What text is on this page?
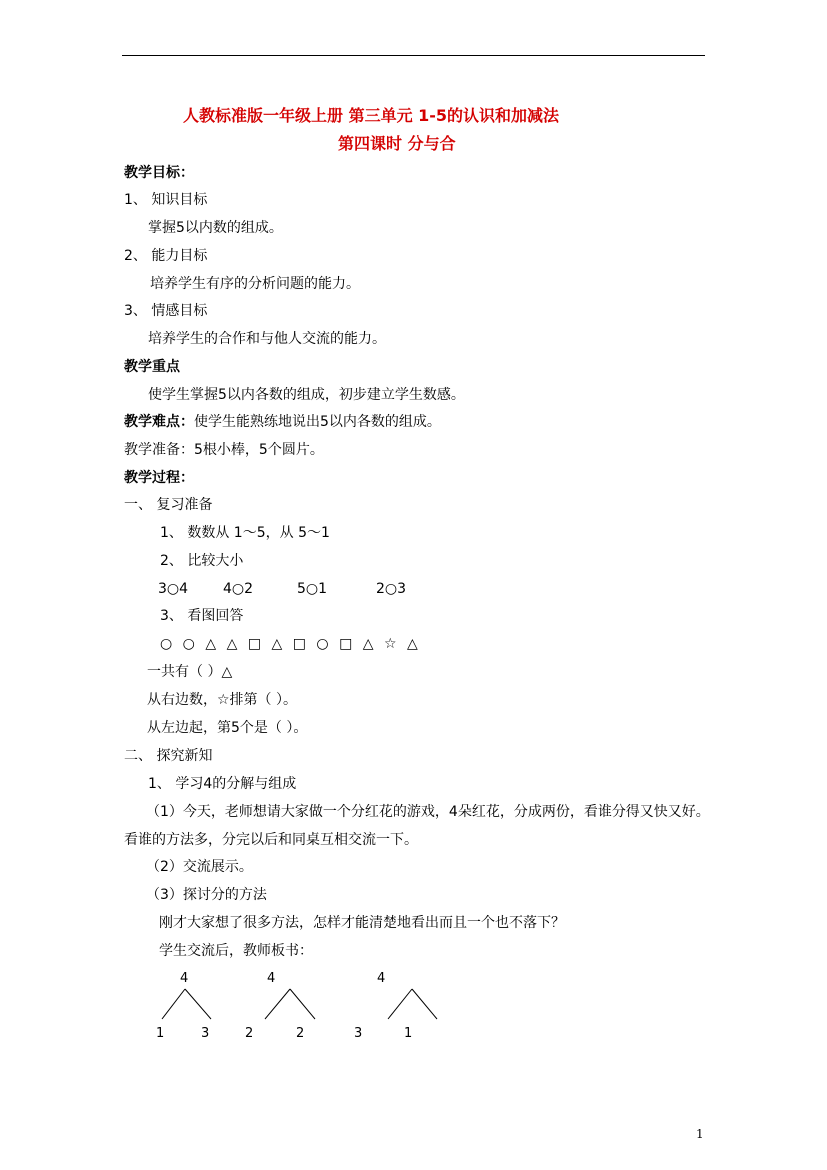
人教标准版一年级上册 第三单元 1-5的认识和加减法
第四课时 分与合
教学目标：
1、 知识目标
掌握5以内数的组成。
2、 能力目标
培养学生有序的分析问题的能力。
3、 情感目标
培养学生的合作和与他人交流的能力。
教学重点
使学生掌握5以内各数的组成，初步建立学生数感。
教学难点：使学生能熟练地说出5以内各数的组成。
教学准备：5根小棒，5个圆片。
教学过程：
一、 复习准备
1、 数数从 1～5，从 5～1
2、 比较大小
3○4 4○2	5○1	2○3
3、 看图回答
○ ○ △ △ □ △ □ ○ □ △ ☆ △
一共有（ ）△
从右边数，☆排第（ ）。
从左边起，第5个是（ ）。
二、 探究新知
1、 学习4的分解与组成
（1）今天，老师想请大家做一个分红花的游戏，4朵红花，分成两份，看谁分得又快又好。
看谁的方法多，分完以后和同桌互相交流一下。
（2）交流展示。
（3）探讨分的方法
刚才大家想了很多方法，怎样才能清楚地看出而且一个也不落下？
学生交流后，教师板书：
4
1	3
4
2	2
4
3	1
1
